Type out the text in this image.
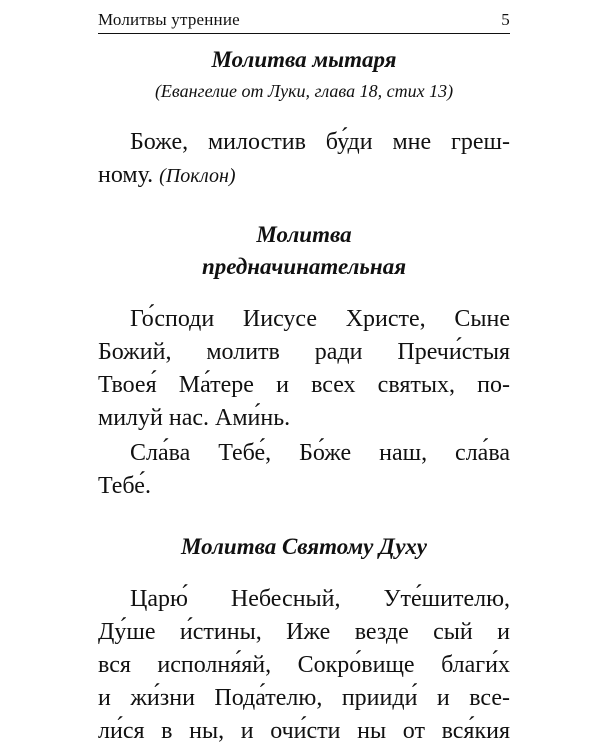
Молитвы утренние	5

Молитва мытаря

(Евангелие от Луки, глава 18, стих 13)

Боже, милостив бу́ди мне греш-
ному. (Поклон)

Молитва
предначинательная

Го́споди Иисусе Христе, Сыне
Божий, молитв ради Пречи́стыя
Твоея́ Ма́тере и всех святых, по-
милуй нас. Ами́нь.
Сла́ва Тебе́, Бо́же наш, сла́ва
Тебе́.

Молитва Святому Духу

Царю́ Небесный, Уте́шителю,
Ду́ше и́стины, Иже везде сый и
вся исполня́яй, Сокро́вище благи́х
и жи́зни Пода́телю, прииди́ и все-
ли́ся в ны, и очи́сти ны от вся́кия
